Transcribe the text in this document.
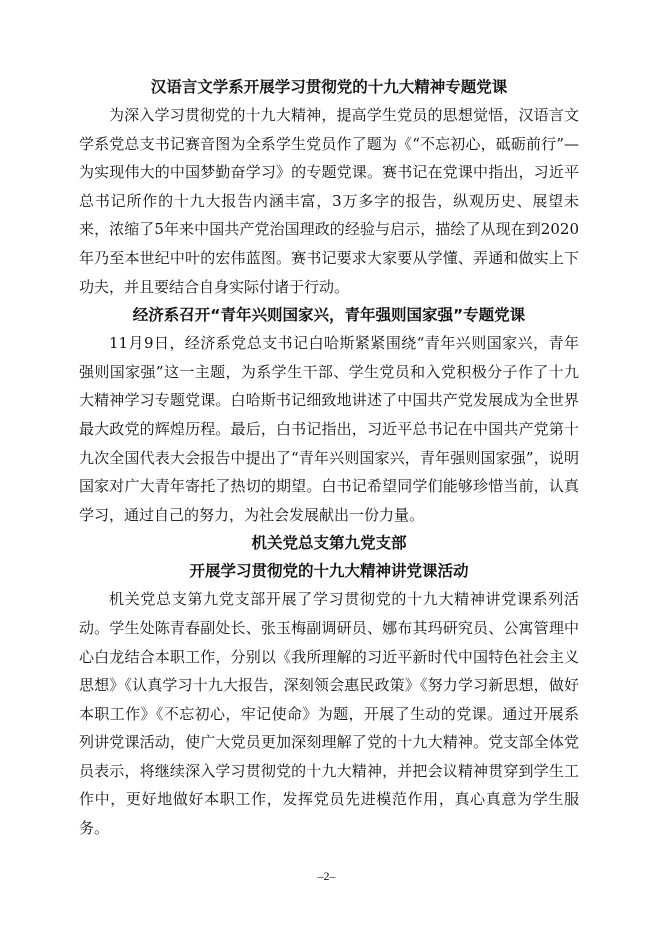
汉语言文学系开展学习贯彻党的十九大精神专题党课

为深入学习贯彻党的十九大精神，提高学生党员的思想觉悟，汉语言文学系党总支书记赛音图为全系学生党员作了题为《“不忘初心，砥砺前行”—为实现伟大的中国梦勤奋学习》的专题党课。赛书记在党课中指出，习近平总书记所作的十九大报告内涵丰富，3万多字的报告，纵观历史、展望未来，浓缩了5年来中国共产党治国理政的经验与启示，描绘了从现在到2020年乃至本世纪中叶的宏伟蓝图。赛书记要求大家要从学懂、弄通和做实上下功夫，并且要结合自身实际付诸于行动。

经济系召开“青年兴则国家兴，青年强则国家强”专题党课

11月9日，经济系党总支书记白哈斯紧紧围绕“青年兴则国家兴，青年强则国家强”这一主题，为系学生干部、学生党员和入党积极分子作了十九大精神学习专题党课。白哈斯书记细致地讲述了中国共产党发展成为全世界最大政党的辉煌历程。最后，白书记指出，习近平总书记在中国共产党第十九次全国代表大会报告中提出了“青年兴则国家兴，青年强则国家强”，说明国家对广大青年寄托了热切的期望。白书记希望同学们能够珍惜当前，认真学习，通过自己的努力，为社会发展献出一份力量。

机关党总支第九党支部
开展学习贯彻党的十九大精神讲党课活动

机关党总支第九党支部开展了学习贯彻党的十九大精神讲党课系列活动。学生处陈青春副处长、张玉梅副调研员、娜布其玛研究员、公寓管理中心白龙结合本职工作，分别以《我所理解的习近平新时代中国特色社会主义思想》《认真学习十九大报告，深刻领会惠民政策》《努力学习新思想，做好本职工作》《不忘初心，牢记使命》为题，开展了生动的党课。通过开展系列讲党课活动，使广大党员更加深刻理解了党的十九大精神。党支部全体党员表示，将继续深入学习贯彻党的十九大精神，并把会议精神贯穿到学生工作中，更好地做好本职工作，发挥党员先进模范作用，真心真意为学生服务。

–2–
